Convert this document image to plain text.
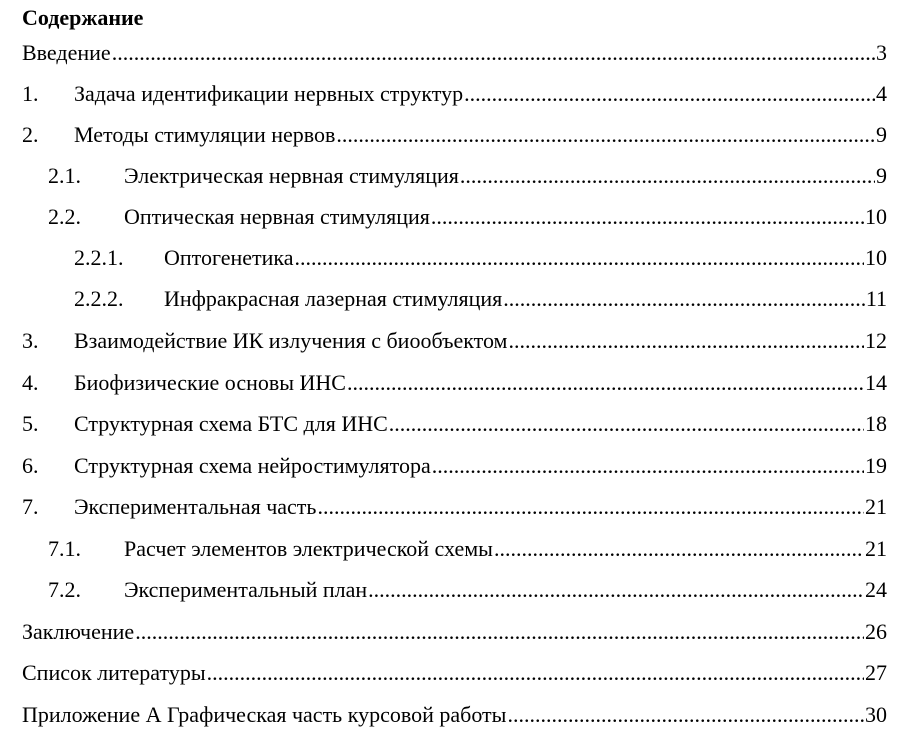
Содержание
Введение .....	3
1.	Задача идентификации нервных структур .....	4
2.	Методы стимуляции нервов .....	9
2.1.	Электрическая нервная стимуляция .....	9
2.2.	Оптическая нервная стимуляция .....	10
2.2.1.	Оптогенетика .....	10
2.2.2.	Инфракрасная лазерная стимуляция .....	11
3.	Взаимодействие ИК излучения с биообъектом .....	12
4.	Биофизические основы ИНС .....	14
5.	Структурная схема БТС для ИНС .....	18
6.	Структурная схема нейростимулятора .....	19
7.	Экспериментальная часть .....	21
7.1.	Расчет элементов электрической схемы .....	21
7.2.	Экспериментальный план .....	24
Заключение .....	26
Список литературы .....	27
Приложение А Графическая часть курсовой работы .....	30
